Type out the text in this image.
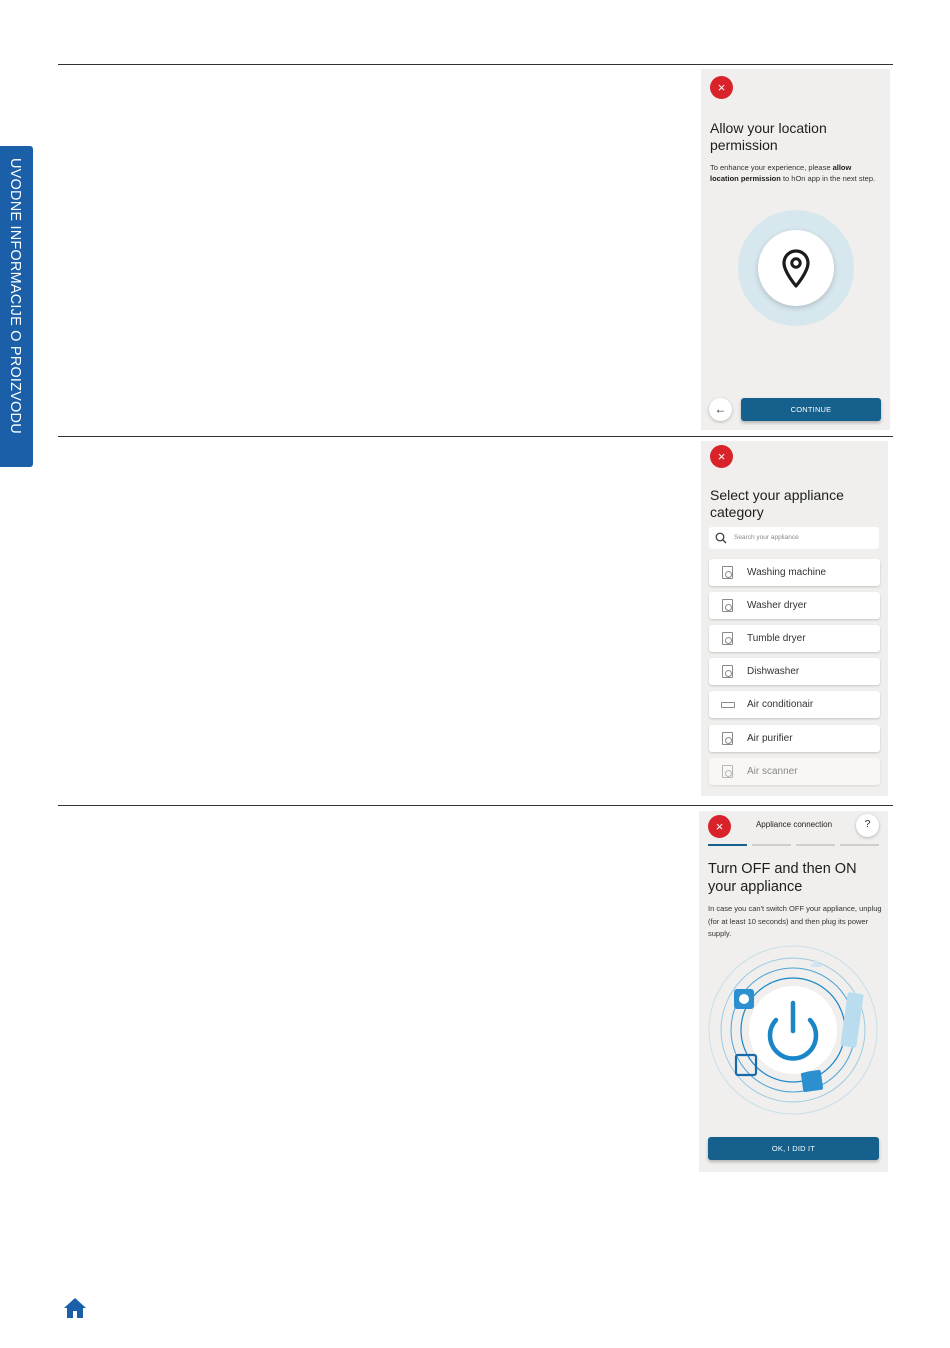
UVODNE INFORMACIJE O PROIZVODU
×
Allow your location permission
To enhance your experience, please allow location permission to hOn app in the next step.
←	CONTINUE
×
Select your appliance category
Search your appliance
Washing machine
Washer dryer
Tumble dryer
Dishwasher
Air conditionair
Air purifier
Air scanner
×	Appliance connection	?
Turn OFF and then ON your appliance
In case you can't switch OFF your appliance, unplug (for at least 10 seconds) and then plug its power supply.
OK, I DID IT
